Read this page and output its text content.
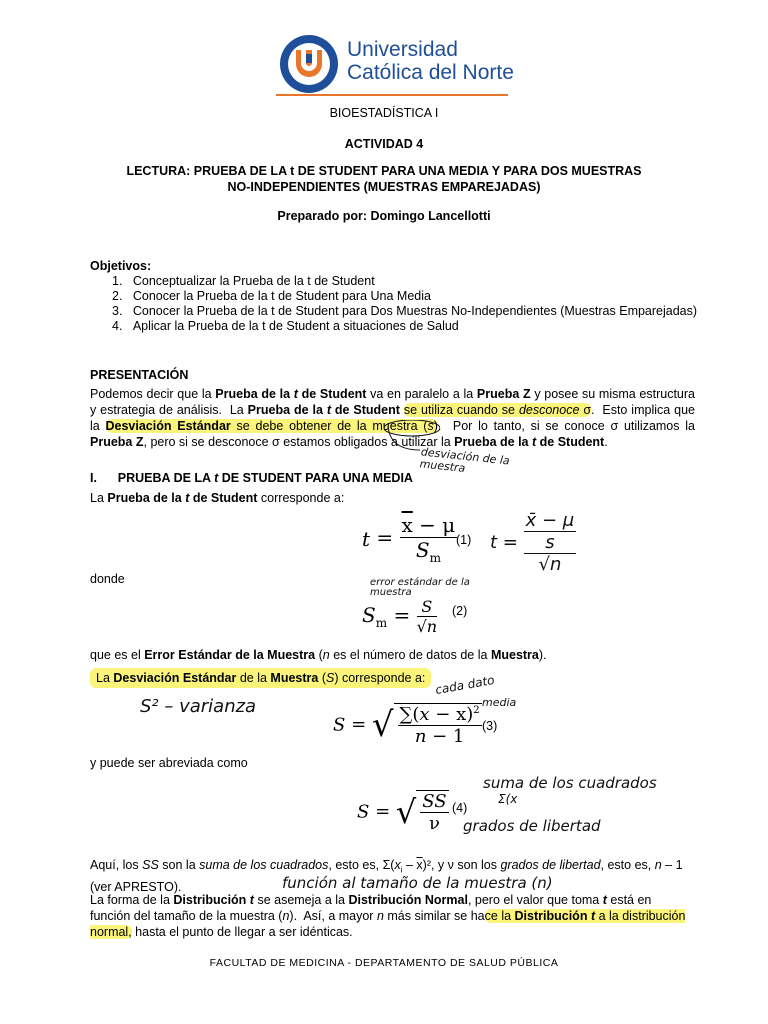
Universidad
Católica del Norte
BIOESTADÍSTICA I
ACTIVIDAD 4
LECTURA: PRUEBA DE LA t DE STUDENT PARA UNA MEDIA Y PARA DOS MUESTRAS
NO-INDEPENDIENTES (MUESTRAS EMPAREJADAS)
Preparado por: Domingo Lancellotti
Objetivos:
1.   Conceptualizar la Prueba de la t de Student
2.   Conocer la Prueba de la t de Student para Una Media
3.   Conocer la Prueba de la t de Student para Dos Muestras No-Independientes (Muestras Emparejadas)
4.   Aplicar la Prueba de la t de Student a situaciones de Salud
PRESENTACIÓN
Podemos decir que la Prueba de la t de Student va en paralelo a la Prueba Z y posee su misma estructura y estrategia de análisis.  La Prueba de la t de Student se utiliza cuando se desconoce σ.  Esto implica que la Desviación Estándar se debe obtener de la muestra (s).  Por lo tanto, si se conoce σ utilizamos la Prueba Z, pero si se desconoce σ estamos obligados a utilizar la Prueba de la t de Student.
desviación de la muestra
I.      PRUEBA DE LA t DE STUDENT PARA UNA MEDIA
La Prueba de la t de Student corresponde a:
$t = \frac{\overline{x} - \mu}{S_m}$
(1) t =
x̄ − μ
s
√n
donde	error estándar de la muestra
$S_m = \frac{S}{√n} (2)$
que es el Error Estándar de la Muestra (n es el número de datos de la Muestra).
La Desviación Estándar de la Muestra (S) corresponde a:
S² – varianza
cada dato
media
S = √ $\frac{\sum(x - \overline{x})^2}{n - 1} (3)$
y puede ser abreviada como
S = √ $\frac{SS}{\nu} (4)$
suma de los cuadrados
Σ(x
grados de libertad
Aquí, los SS son la suma de los cuadrados, esto es, $\Sigma(x_i - \overline{x})^2$, y ν son los grados de libertad, esto es, n – 1 (ver APRESTO).	función al tamaño de la muestra (n)
La forma de la Distribución t se asemeja a la Distribución Normal, pero el valor que toma t está en función del tamaño de la muestra (n).  Así, a mayor n más similar se hace la Distribución t a la distribución normal, hasta el punto de llegar a ser idénticas.
FACULTAD DE MEDICINA - DEPARTAMENTO DE SALUD PÚBLICA
